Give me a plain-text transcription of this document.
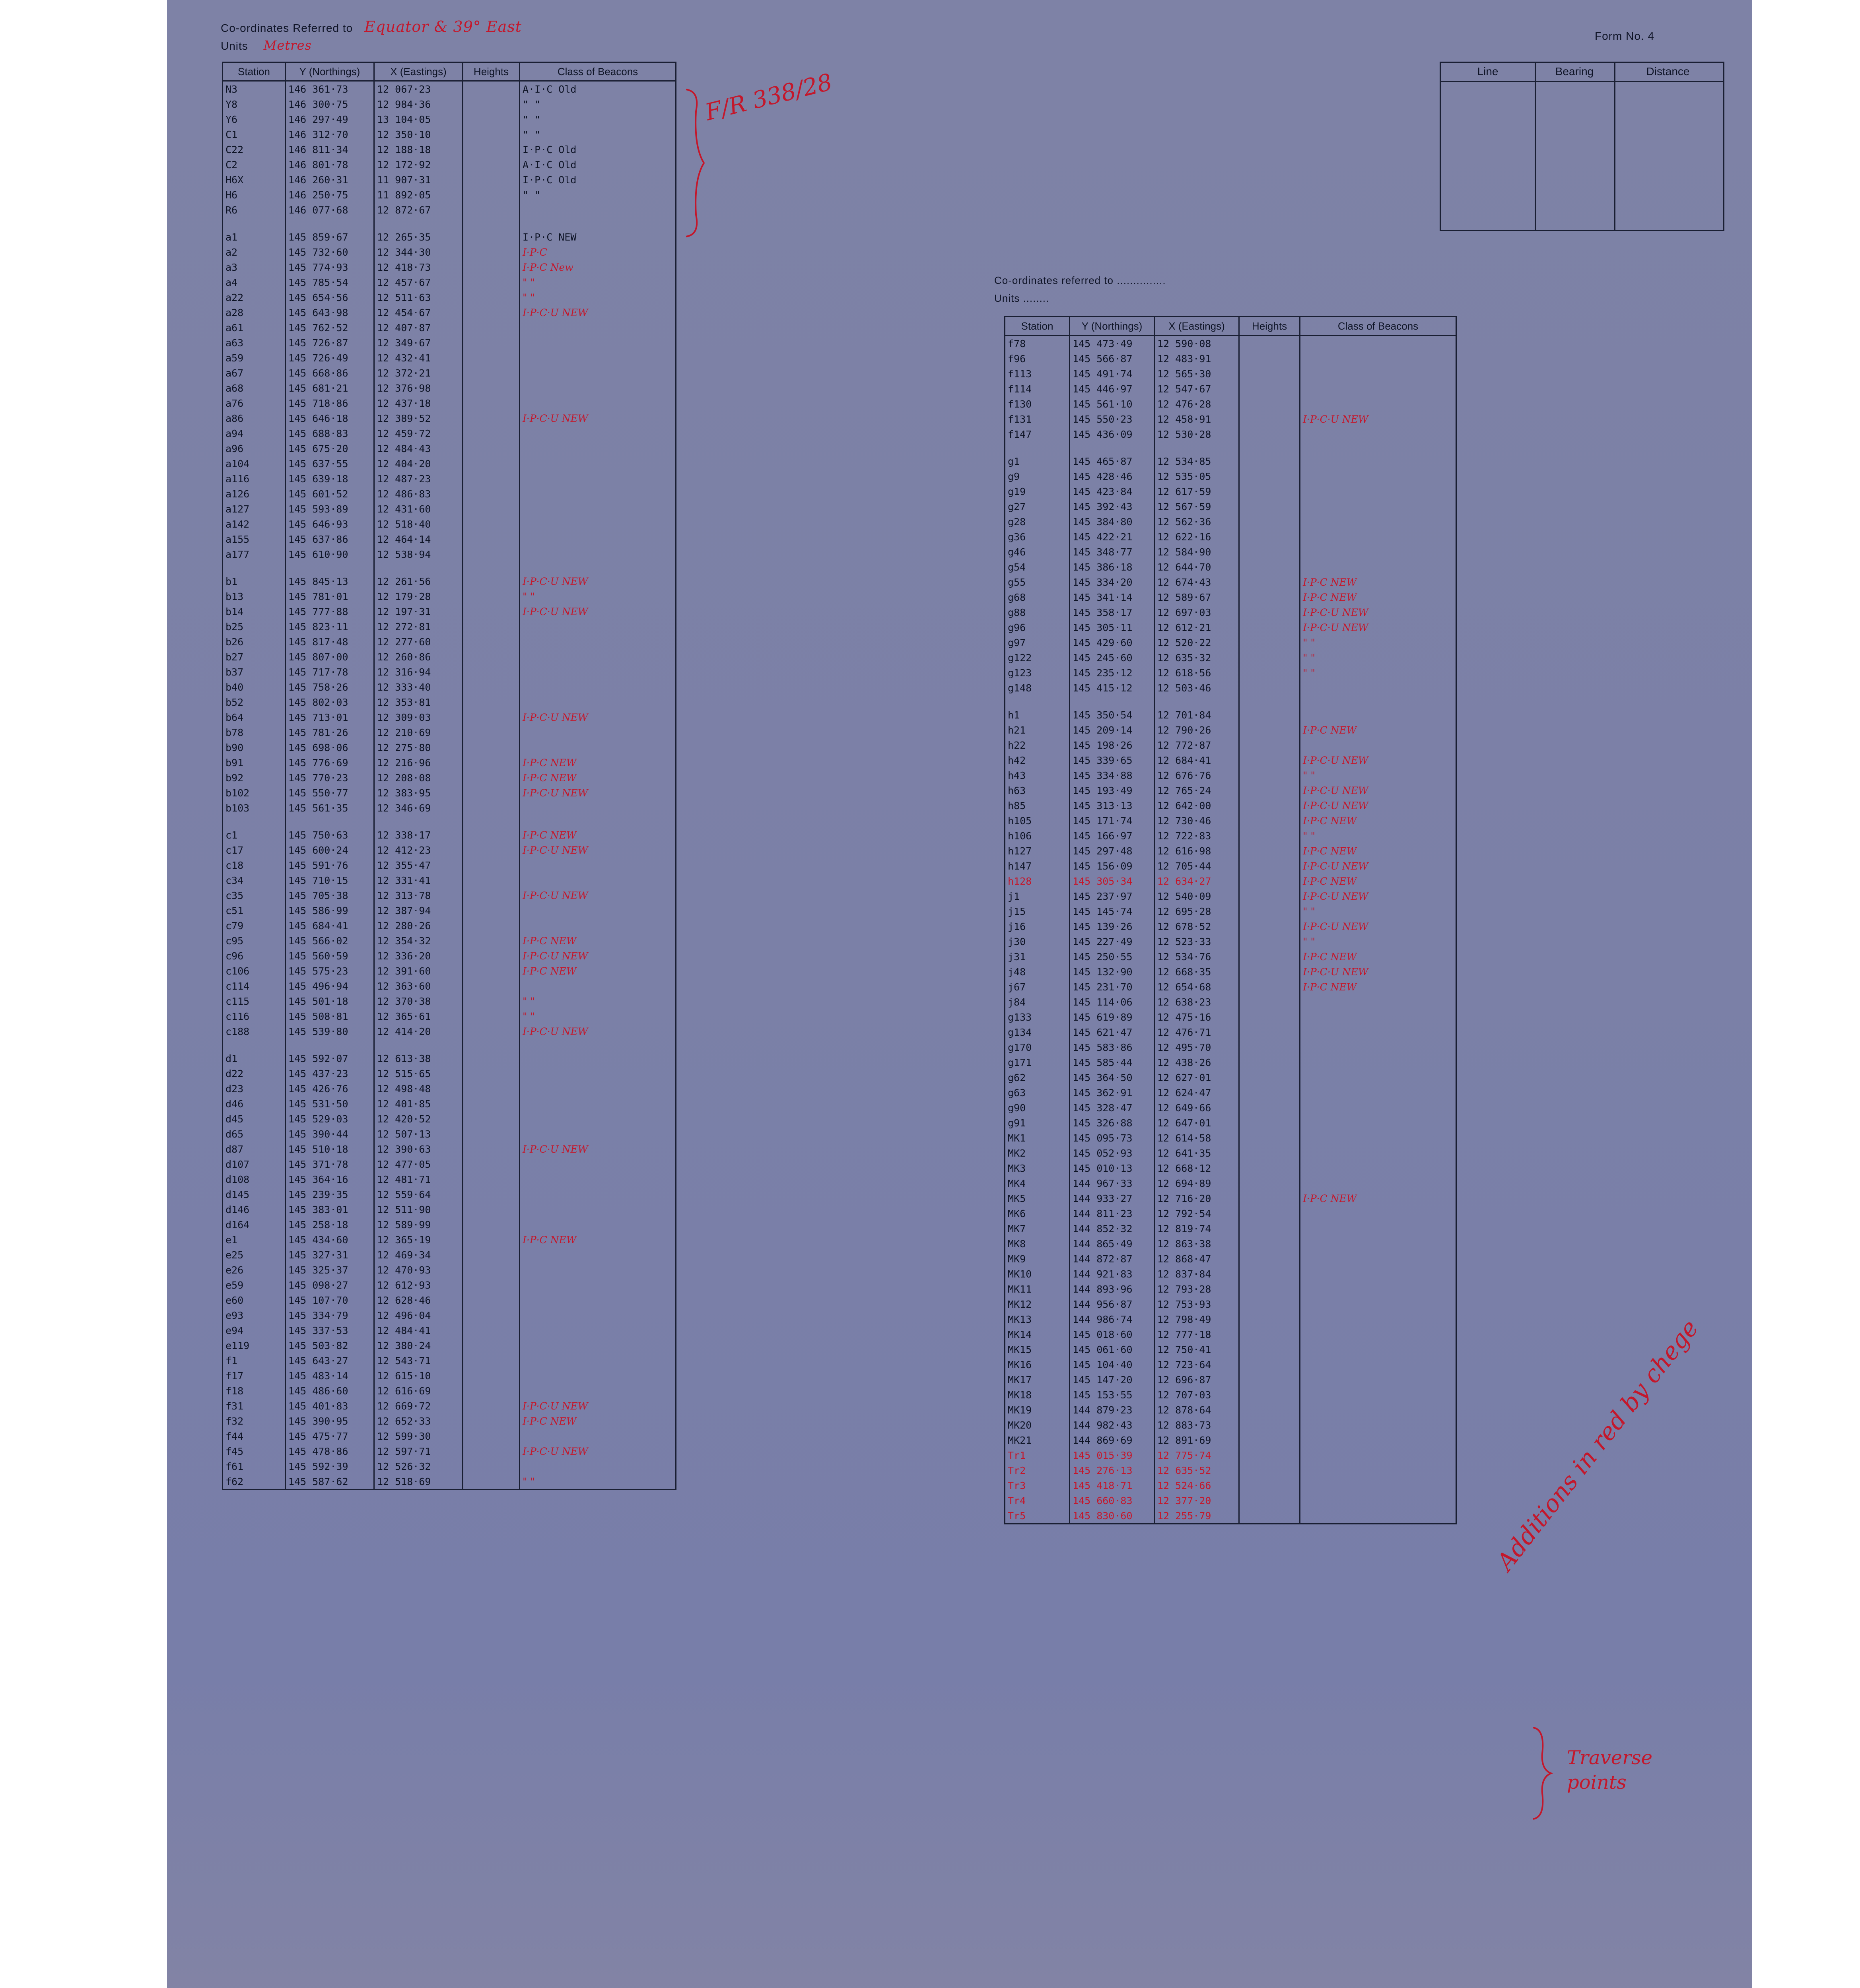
Co-ordinates Referred to Equator & 39° East
Units Metres
Form No. 4
F/R 338/28	Line	Bearing	Distance
Station	Y (Northings)	X (Eastings)	Heights	Class of Beacons
N3	146 361·73	12 067·23		A·I·C Old
Y8	146 300·75	12 984·36		" "
Y6	146 297·49	13 104·05		" "
C1	146 312·70	12 350·10		" "
C22	146 811·34	12 188·18		I·P·C Old
C2	146 801·78	12 172·92		A·I·C Old
H6X	146 260·31	11 907·31		I·P·C Old
H6	146 250·75	11 892·05		" "
R6	146 077·68	12 872·67		

a1	145 859·67	12 265·35		I·P·C NEW
a2	145 732·60	12 344·30		I·P·C
a3	145 774·93	12 418·73		I·P·C New
a4	145 785·54	12 457·67		" "
a22	145 654·56	12 511·63		" "
a28	145 643·98	12 454·67		I·P·C·U NEW
a61	145 762·52	12 407·87		
a63	145 726·87	12 349·67		
a59	145 726·49	12 432·41		
a67	145 668·86	12 372·21		
a68	145 681·21	12 376·98		
a76	145 718·86	12 437·18		
a86	145 646·18	12 389·52		I·P·C·U NEW
a94	145 688·83	12 459·72		
a96	145 675·20	12 484·43		
a104	145 637·55	12 404·20		
a116	145 639·18	12 487·23		
a126	145 601·52	12 486·83		
a127	145 593·89	12 431·60		
a142	145 646·93	12 518·40		
a155	145 637·86	12 464·14		
a177	145 610·90	12 538·94		

b1	145 845·13	12 261·56		I·P·C·U NEW
b13	145 781·01	12 179·28		" "
b14	145 777·88	12 197·31		I·P·C·U NEW
b25	145 823·11	12 272·81		
b26	145 817·48	12 277·60		
b27	145 807·00	12 260·86		
b37	145 717·78	12 316·94		
b40	145 758·26	12 333·40		
b52	145 802·03	12 353·81		
b64	145 713·01	12 309·03		I·P·C·U NEW
b78	145 781·26	12 210·69		
b90	145 698·06	12 275·80		
b91	145 776·69	12 216·96		I·P·C NEW
b92	145 770·23	12 208·08		I·P·C NEW
b102	145 550·77	12 383·95		I·P·C·U NEW
b103	145 561·35	12 346·69		

c1	145 750·63	12 338·17		I·P·C NEW
c17	145 600·24	12 412·23		I·P·C·U NEW
c18	145 591·76	12 355·47		
c34	145 710·15	12 331·41		
c35	145 705·38	12 313·78		I·P·C·U NEW
c51	145 586·99	12 387·94		
c79	145 684·41	12 280·26		
c95	145 566·02	12 354·32		I·P·C NEW
c96	145 560·59	12 336·20		I·P·C·U NEW
c106	145 575·23	12 391·60		I·P·C NEW
c114	145 496·94	12 363·60		
c115	145 501·18	12 370·38		" "
c116	145 508·81	12 365·61		" "
c188	145 539·80	12 414·20		I·P·C·U NEW

d1	145 592·07	12 613·38		
d22	145 437·23	12 515·65		
d23	145 426·76	12 498·48		
d46	145 531·50	12 401·85		
d45	145 529·03	12 420·52		
d65	145 390·44	12 507·13		
d87	145 510·18	12 390·63		I·P·C·U NEW
d107	145 371·78	12 477·05		
d108	145 364·16	12 481·71		
d145	145 239·35	12 559·64		
d146	145 383·01	12 511·90		
d164	145 258·18	12 589·99		
e1	145 434·60	12 365·19		I·P·C NEW
e25	145 327·31	12 469·34		
e26	145 325·37	12 470·93		
e59	145 098·27	12 612·93		
e60	145 107·70	12 628·46		
e93	145 334·79	12 496·04		
e94	145 337·53	12 484·41		
e119	145 503·82	12 380·24		
f1	145 643·27	12 543·71		
f17	145 483·14	12 615·10		
f18	145 486·60	12 616·69		
f31	145 401·83	12 669·72		I·P·C·U NEW
f32	145 390·95	12 652·33		I·P·C NEW
f44	145 475·77	12 599·30		
f45	145 478·86	12 597·71		I·P·C·U NEW
f61	145 592·39	12 526·32		
f62	145 587·62	12 518·69		" "
Co-ordinates referred to ...............
Units ........
Station	Y (Northings)	X (Eastings)	Heights	Class of Beacons
f78	145 473·49	12 590·08		
f96	145 566·87	12 483·91		
f113	145 491·74	12 565·30		
f114	145 446·97	12 547·67		
f130	145 561·10	12 476·28		
f131	145 550·23	12 458·91		I·P·C·U NEW
f147	145 436·09	12 530·28		

g1	145 465·87	12 534·85		
g9	145 428·46	12 535·05		
g19	145 423·84	12 617·59		
g27	145 392·43	12 567·59		
g28	145 384·80	12 562·36		
g36	145 422·21	12 622·16		
g46	145 348·77	12 584·90		
g54	145 386·18	12 644·70		
g55	145 334·20	12 674·43		I·P·C NEW
g68	145 341·14	12 589·67		I·P·C NEW
g88	145 358·17	12 697·03		I·P·C·U NEW
g96	145 305·11	12 612·21		I·P·C·U NEW
g97	145 429·60	12 520·22		" "
g122	145 245·60	12 635·32		" "
g123	145 235·12	12 618·56		" "
g148	145 415·12	12 503·46		

h1	145 350·54	12 701·84		
h21	145 209·14	12 790·26		I·P·C NEW
h22	145 198·26	12 772·87		
h42	145 339·65	12 684·41		I·P·C·U NEW
h43	145 334·88	12 676·76		" "
h63	145 193·49	12 765·24		I·P·C·U NEW
h85	145 313·13	12 642·00		I·P·C·U NEW
h105	145 171·74	12 730·46		I·P·C NEW
h106	145 166·97	12 722·83		" "
h127	145 297·48	12 616·98		I·P·C NEW
h147	145 156·09	12 705·44		I·P·C·U NEW
h128	145 305·34	12 634·27		I·P·C NEW
j1	145 237·97	12 540·09		I·P·C·U NEW
j15	145 145·74	12 695·28		" "
j16	145 139·26	12 678·52		I·P·C·U NEW
j30	145 227·49	12 523·33		" "
j31	145 250·55	12 534·76		I·P·C NEW
j48	145 132·90	12 668·35		I·P·C·U NEW
j67	145 231·70	12 654·68		I·P·C NEW
j84	145 114·06	12 638·23		
g133	145 619·89	12 475·16		
g134	145 621·47	12 476·71		
g170	145 583·86	12 495·70		
g171	145 585·44	12 438·26		
g62	145 364·50	12 627·01		
g63	145 362·91	12 624·47		
g90	145 328·47	12 649·66		
g91	145 326·88	12 647·01		
MK1	145 095·73	12 614·58		
MK2	145 052·93	12 641·35		
MK3	145 010·13	12 668·12		
MK4	144 967·33	12 694·89		
MK5	144 933·27	12 716·20		I·P·C NEW
MK6	144 811·23	12 792·54		
MK7	144 852·32	12 819·74		
MK8	144 865·49	12 863·38		
MK9	144 872·87	12 868·47		
MK10	144 921·83	12 837·84		
MK11	144 893·96	12 793·28		
MK12	144 956·87	12 753·93		
MK13	144 986·74	12 798·49		
MK14	145 018·60	12 777·18		
MK15	145 061·60	12 750·41		
MK16	145 104·40	12 723·64		
MK17	145 147·20	12 696·87		
MK18	145 153·55	12 707·03		
MK19	144 879·23	12 878·64		
MK20	144 982·43	12 883·73		
MK21	144 869·69	12 891·69		
Tr1	145 015·39	12 775·74		
Tr2	145 276·13	12 635·52		
Tr3	145 418·71	12 524·66		
Tr4	145 660·83	12 377·20		
Tr5	145 830·60	12 255·79		
Traverse points
Additions in red by chege
